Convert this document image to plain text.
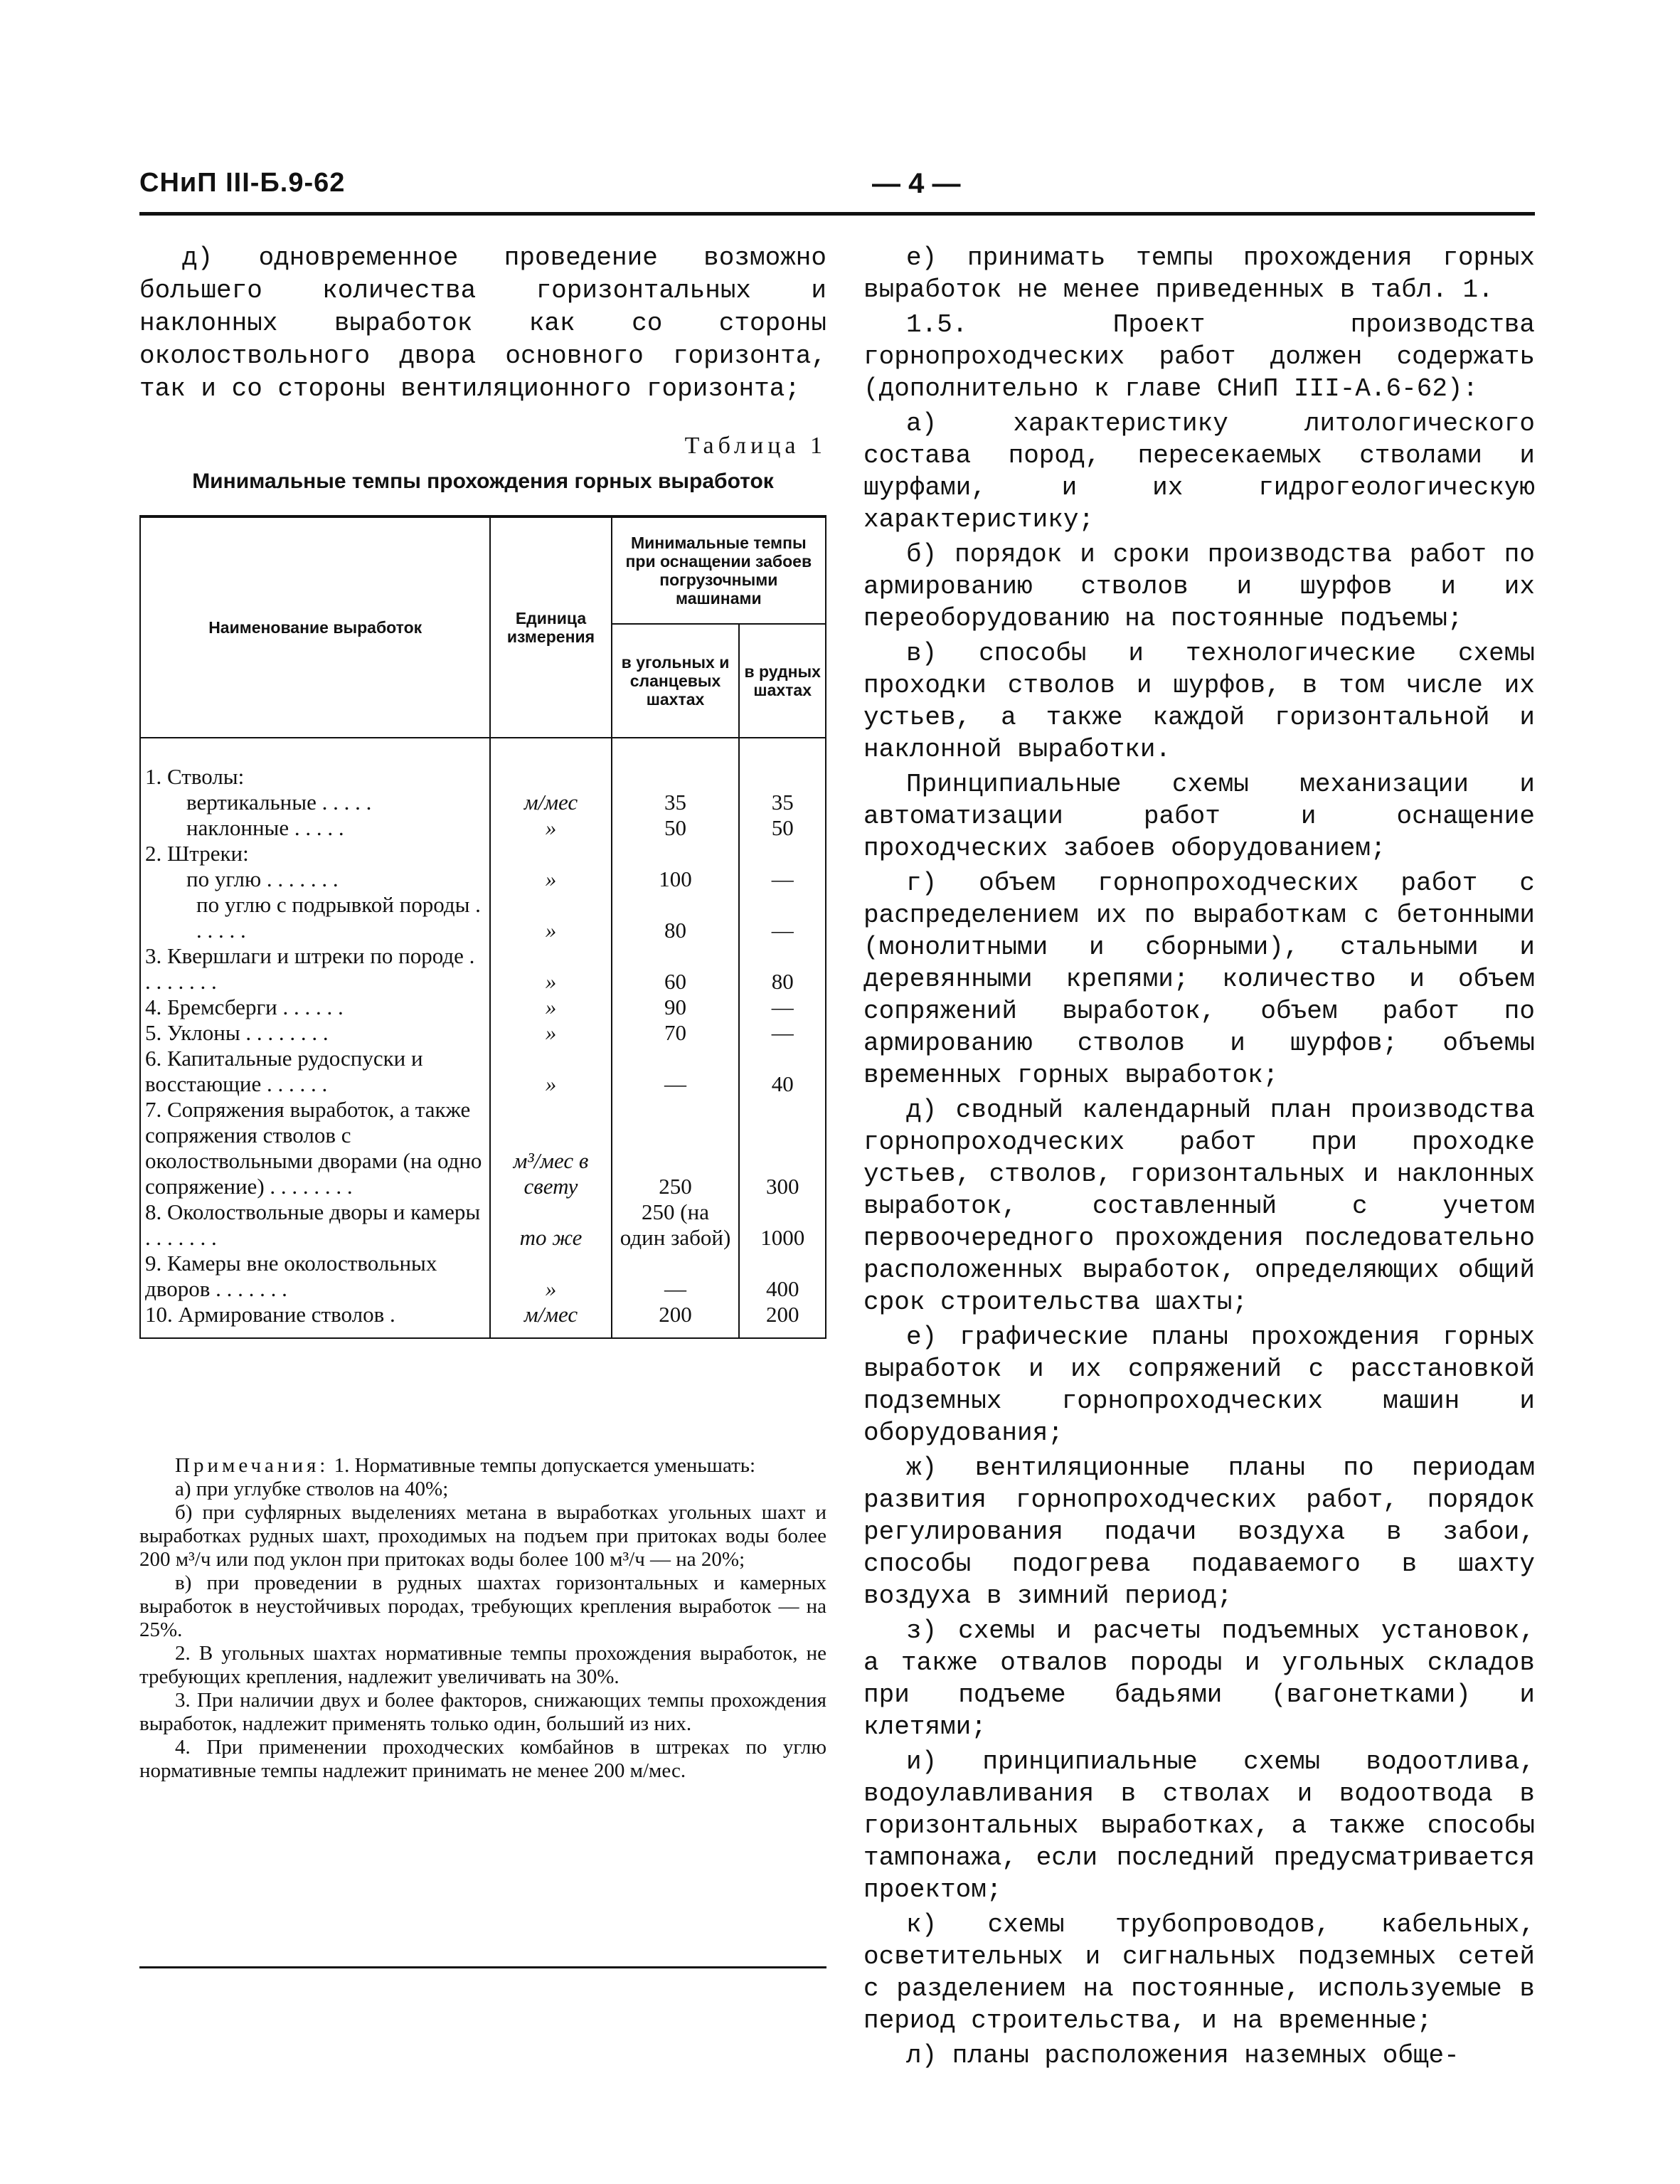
СНиП III-Б.9-62	— 4 —

д) одновременное проведение возможно большего количества горизонтальных и наклонных выработок как со стороны околоствольного двора основного горизонта, так и со стороны вентиляционного горизонта;

Таблица 1
Минимальные темпы прохождения горных выработок
Наименование выработок	Единица измерения	Минимальные темпы при оснащении забоев погрузочными машинами	
		в угольных и сланцевых шахтах	в рудных шахтах
1. Стволы:			

вертикальные . . . . .	м/мес	35	35

наклонные . . . . .	»	50	50
2. Штреки:			

по углю . . . . . . .	»	100	—

по углю с подрывкой породы . . . . . .	»	80	—
3. Квершлаги и штреки по породе . . . . . . . .	»	60	80
4. Бремсберги . . . . . .	»	90	—
5. Уклоны . . . . . . . .	»	70	—
6. Капитальные рудоспуски и восстающие . . . . . .	»	—	40
7. Сопряжения выработок, а также сопряжения стволов с околоствольными дворами (на одно сопряжение) . . . . . . . .	м³/мес в свету	250	300
8. Околоствольные дворы и камеры . . . . . . .	то же	250 (на один забой)	1000
9. Камеры вне околоствольных дворов . . . . . . .	»	—	400
10. Армирование стволов .	м/мес	200	200

Примечания: 1. Нормативные темпы допускается уменьшать:

а) при углубке стволов на 40%;

б) при суфлярных выделениях метана в выработках угольных шахт и выработках рудных шахт, проходимых на подъем при притоках воды более 200 м³/ч или под уклон при притоках воды более 100 м³/ч — на 20%;

в) при проведении в рудных шахтах горизонтальных и камерных выработок в неустойчивых породах, требующих крепления выработок — на 25%.

2. В угольных шахтах нормативные темпы прохождения выработок, не требующих крепления, надлежит увеличивать на 30%.

3. При наличии двух и более факторов, снижающих темпы прохождения выработок, надлежит применять только один, больший из них.

4. При применении проходческих комбайнов в штреках по углю нормативные темпы надлежит принимать не менее 200 м/мес.

е) принимать темпы прохождения горных выработок не менее приведенных в табл. 1.

1.5. Проект производства горнопроходческих работ должен содержать (дополнительно к главе СНиП III-А.6-62):

а) характеристику литологического состава пород, пересекаемых стволами и шурфами, и их гидрогеологическую характеристику;

б) порядок и сроки производства работ по армированию стволов и шурфов и их переоборудованию на постоянные подъемы;

в) способы и технологические схемы проходки стволов и шурфов, в том числе их устьев, а также каждой горизонтальной и наклонной выработки.

Принципиальные схемы механизации и автоматизации работ и оснащение проходческих забоев оборудованием;

г) объем горнопроходческих работ с распределением их по выработкам с бетонными (монолитными и сборными), стальными и деревянными крепями; количество и объем сопряжений выработок, объем работ по армированию стволов и шурфов; объемы временных горных выработок;

д) сводный календарный план производства горнопроходческих работ при проходке устьев, стволов, горизонтальных и наклонных выработок, составленный с учетом первоочередного прохождения последовательно расположенных выработок, определяющих общий срок строительства шахты;

е) графические планы прохождения горных выработок и их сопряжений с расстановкой подземных горнопроходческих машин и оборудования;

ж) вентиляционные планы по периодам развития горнопроходческих работ, порядок регулирования подачи воздуха в забои, способы подогрева подаваемого в шахту воздуха в зимний период;

з) схемы и расчеты подъемных установок, а также отвалов породы и угольных складов при подъеме бадьями (вагонетками) и клетями;

и) принципиальные схемы водоотлива, водоулавливания в стволах и водоотвода в горизонтальных выработках, а также способы тампонажа, если последний предусматривается проектом;

к) схемы трубопроводов, кабельных, осветительных и сигнальных подземных сетей с разделением на постоянные, используемые в период строительства, и на временные;

л) планы расположения наземных обще-
